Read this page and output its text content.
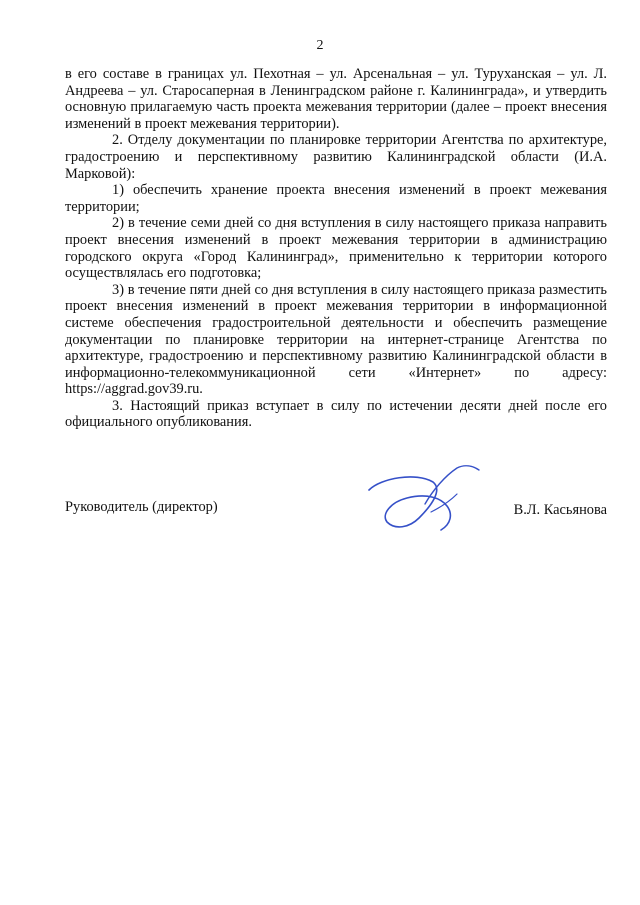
2

в его составе в границах ул. Пехотная – ул. Арсенальная – ул. Туруханская – ул. Л. Андреева – ул. Старосаперная в Ленинградском районе г. Калининграда», и утвердить основную прилагаемую часть проекта межевания территории (далее – проект внесения изменений в проект межевания территории).

2. Отделу документации по планировке территории Агентства по архитектуре, градостроению и перспективному развитию Калининградской области (И.А. Марковой):

1) обеспечить хранение проекта внесения изменений в проект межевания территории;

2) в течение семи дней со дня вступления в силу настоящего приказа направить проект внесения изменений в проект межевания территории в администрацию городского округа «Город Калининград», применительно к территории которого осуществлялась его подготовка;

3) в течение пяти дней со дня вступления в силу настоящего приказа разместить проект внесения изменений в проект межевания территории в информационной системе обеспечения градостроительной деятельности и обеспечить размещение документации по планировке территории на интернет-странице Агентства по архитектуре, градостроению и перспективному развитию Калининградской области в информационно-телекоммуникационной сети «Интернет» по адресу: https://aggrad.gov39.ru.

3. Настоящий приказ вступает в силу по истечении десяти дней после его официального опубликования.

Руководитель (директор)	В.Л. Касьянова
